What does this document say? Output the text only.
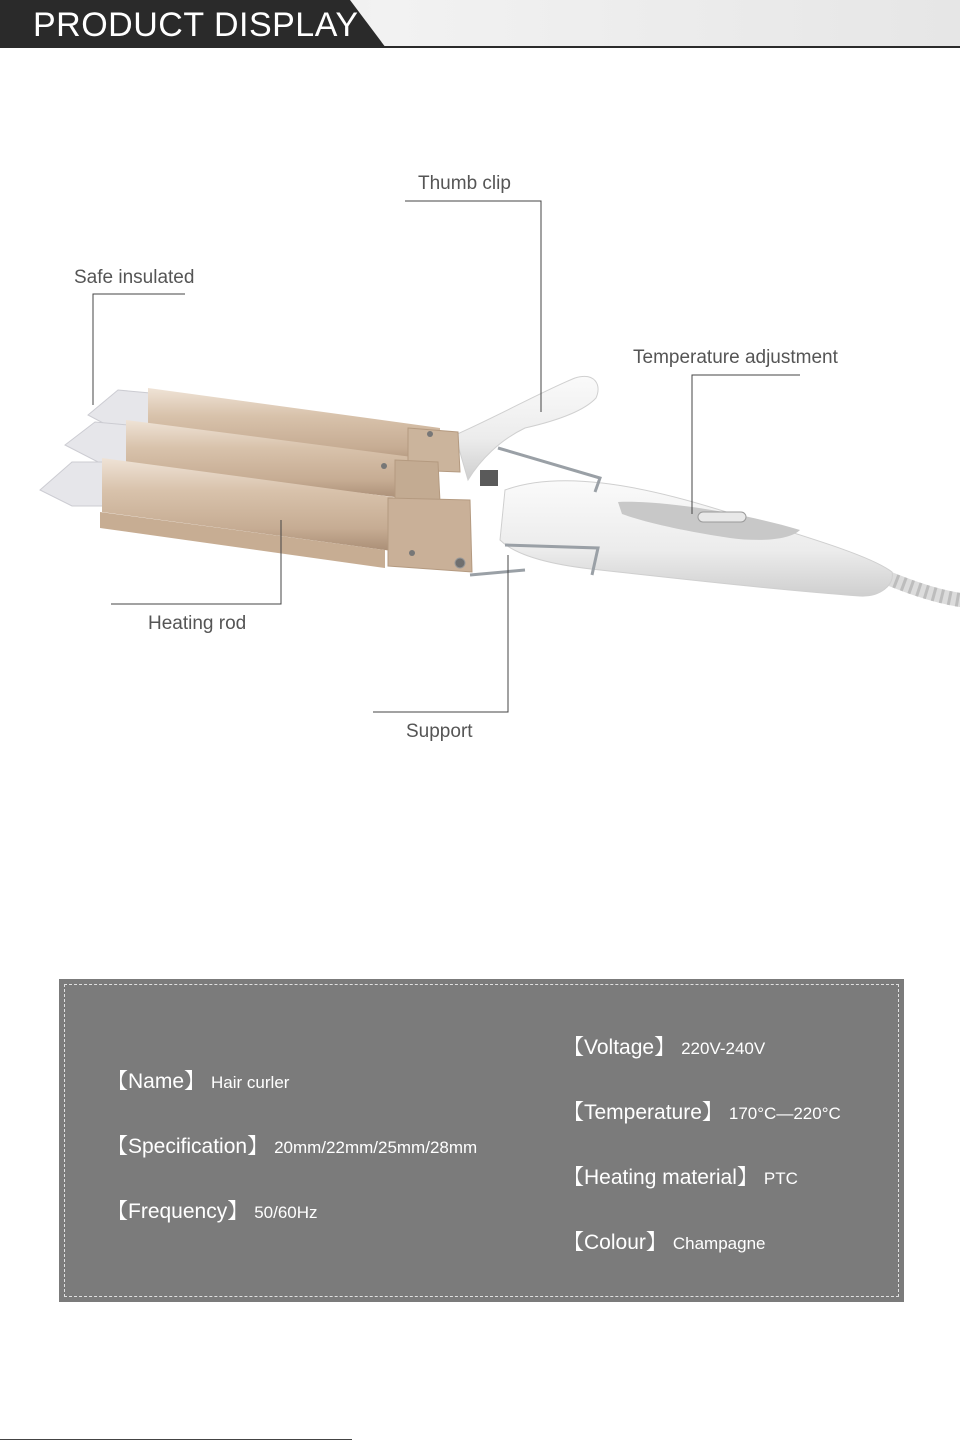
PRODUCT DISPLAY
Thumb clip
Safe insulated
Temperature adjustment
Heating rod
Support
【Name】 Hair curler
【Specification】 20mm/22mm/25mm/28mm
【Frequency】 50/60Hz
【Voltage】 220V-240V
【Temperature】 170°C—220°C
【Heating material】 PTC
【Colour】 Champagne
